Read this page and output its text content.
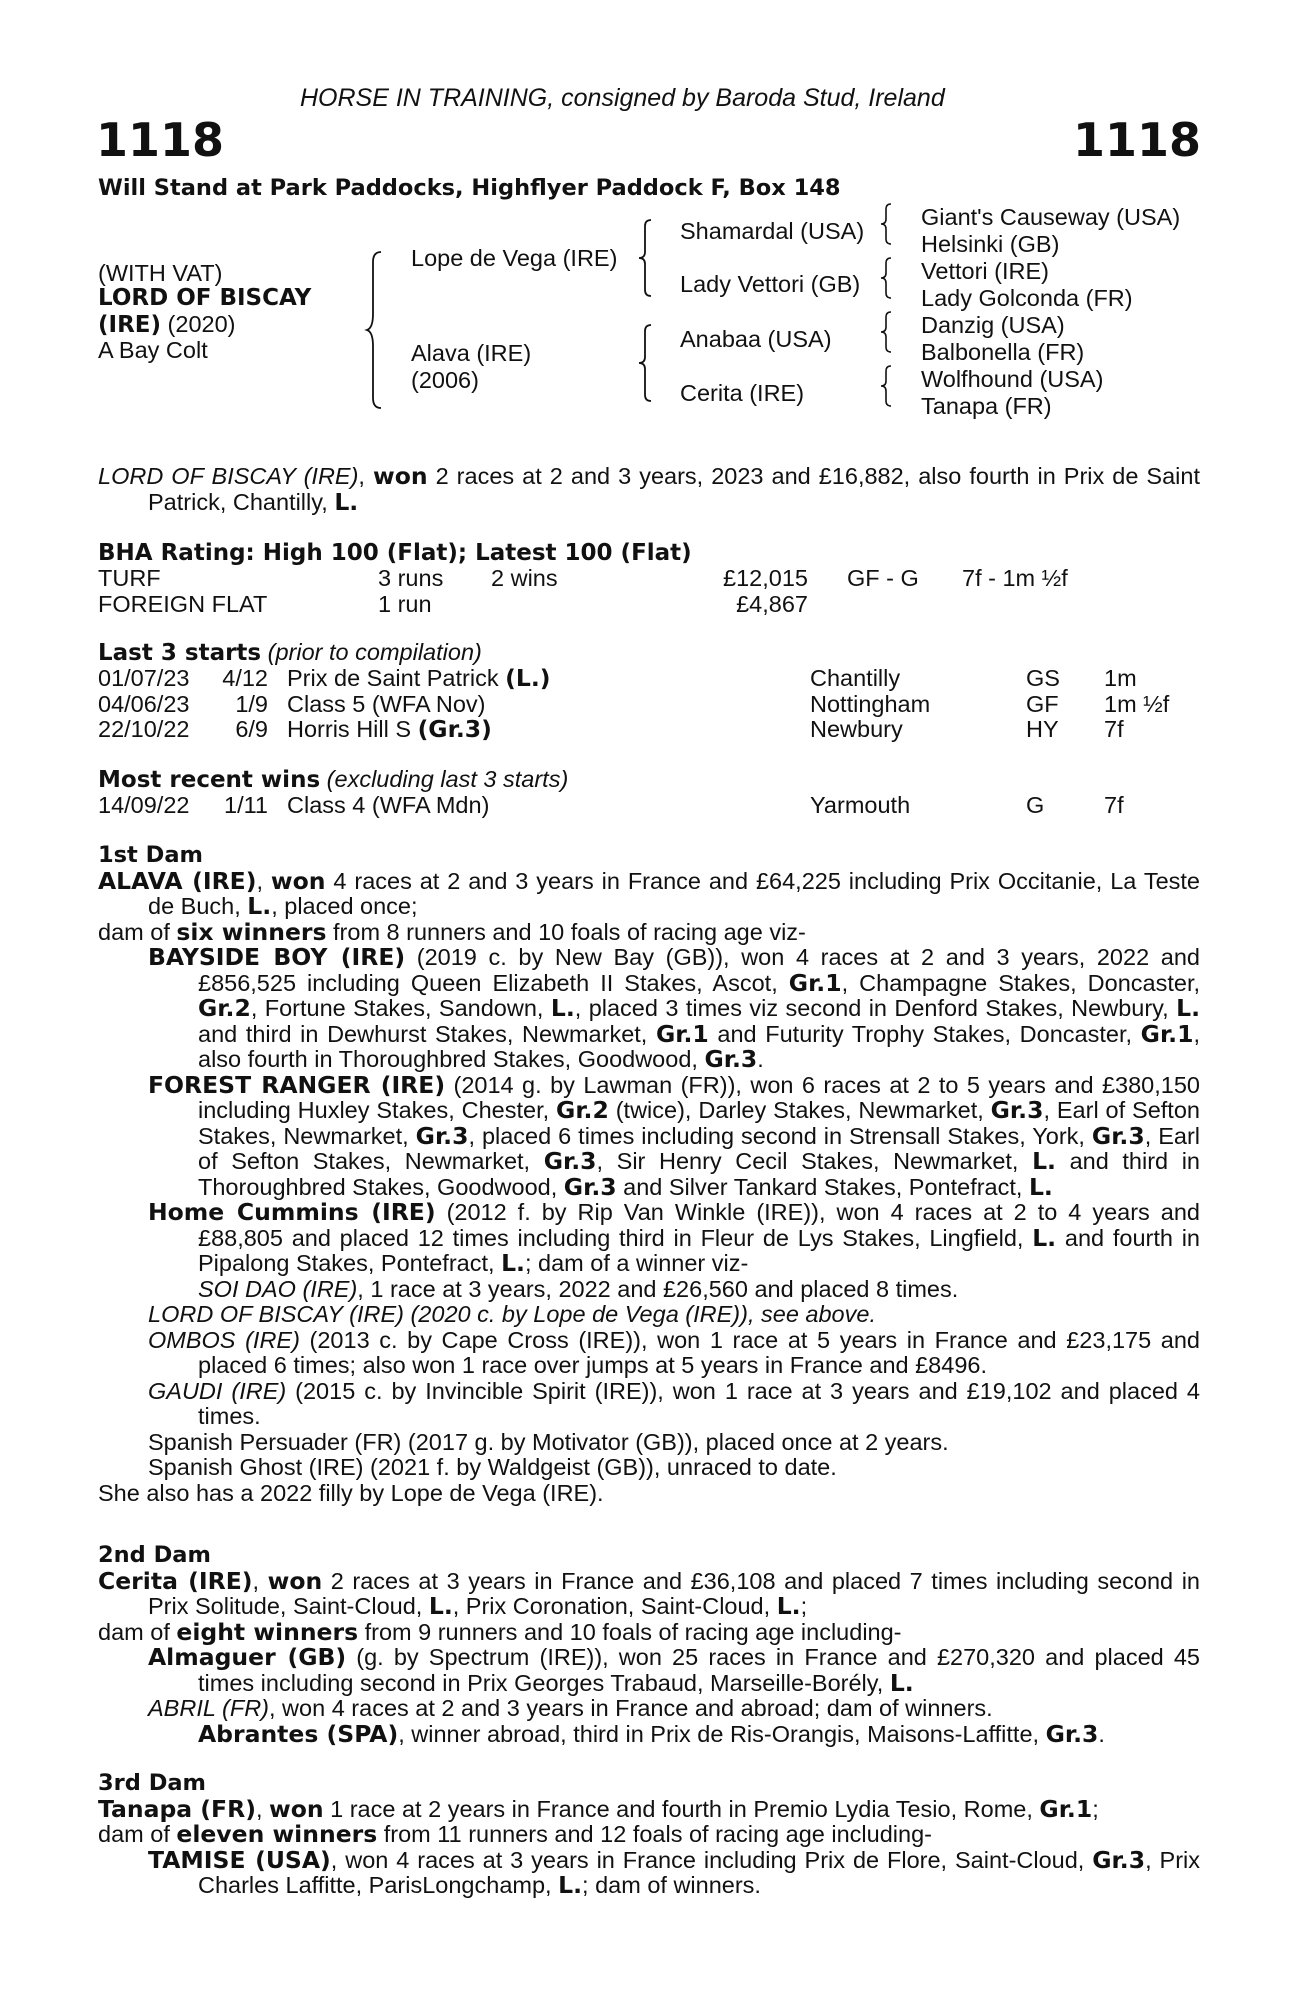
HORSE IN TRAINING, consigned by Baroda Stud, Ireland
1118	1118
Will Stand at Park Paddocks, Highflyer Paddock F, Box 148
(WITH VAT)
LORD OF BISCAY
(IRE) (2020)
A Bay Colt
Lope de Vega (IRE)
Alava (IRE)
(2006)
Shamardal (USA)
Lady Vettori (GB)
Anabaa (USA)
Cerita (IRE)
Giant's Causeway (USA)
Helsinki (GB)
Vettori (IRE)
Lady Golconda (FR)
Danzig (USA)
Balbonella (FR)
Wolfhound (USA)
Tanapa (FR)

LORD OF BISCAY (IRE), won 2 races at 2 and 3 years, 2023 and £16,882, also fourth in Prix de Saint Patrick, Chantilly, L.

BHA Rating: High 100 (Flat); Latest 100 (Flat)
TURF	3 runs 2 wins	£12,015 GF - G 7f - 1m ½f
FOREIGN FLAT	1 run	£4,867
Last 3 starts (prior to compilation)
01/07/23 4/12 Prix de Saint Patrick (L.)	Chantilly	GS 1m
04/06/23 1/9 Class 5 (WFA Nov)	Nottingham	GF 1m ½f
22/10/22 6/9 Horris Hill S (Gr.3)	Newbury	HY 7f
Most recent wins (excluding last 3 starts)
14/09/22 1/11 Class 4 (WFA Mdn)	Yarmouth	G	7f

1st Dam

ALAVA (IRE), won 4 races at 2 and 3 years in France and £64,225 including Prix Occitanie, La Teste de Buch, L., placed once;

dam of six winners from 8 runners and 10 foals of racing age viz-

BAYSIDE BOY (IRE) (2019 c. by New Bay (GB)), won 4 races at 2 and 3 years, 2022 and £856,525 including Queen Elizabeth II Stakes, Ascot, Gr.1, Champagne Stakes, Doncaster, Gr.2, Fortune Stakes, Sandown, L., placed 3 times viz second in Denford Stakes, Newbury, L. and third in Dewhurst Stakes, Newmarket, Gr.1 and Futurity Trophy Stakes, Doncaster, Gr.1, also fourth in Thoroughbred Stakes, Goodwood, Gr.3.

FOREST RANGER (IRE) (2014 g. by Lawman (FR)), won 6 races at 2 to 5 years and £380,150 including Huxley Stakes, Chester, Gr.2 (twice), Darley Stakes, Newmarket, Gr.3, Earl of Sefton Stakes, Newmarket, Gr.3, placed 6 times including second in Strensall Stakes, York, Gr.3, Earl of Sefton Stakes, Newmarket, Gr.3, Sir Henry Cecil Stakes, Newmarket, L. and third in Thoroughbred Stakes, Goodwood, Gr.3 and Silver Tankard Stakes, Pontefract, L.

Home Cummins (IRE) (2012 f. by Rip Van Winkle (IRE)), won 4 races at 2 to 4 years and £88,805 and placed 12 times including third in Fleur de Lys Stakes, Lingfield, L. and fourth in Pipalong Stakes, Pontefract, L.; dam of a winner viz-

SOI DAO (IRE), 1 race at 3 years, 2022 and £26,560 and placed 8 times.

LORD OF BISCAY (IRE) (2020 c. by Lope de Vega (IRE)), see above.

OMBOS (IRE) (2013 c. by Cape Cross (IRE)), won 1 race at 5 years in France and £23,175 and placed 6 times; also won 1 race over jumps at 5 years in France and £8496.

GAUDI (IRE) (2015 c. by Invincible Spirit (IRE)), won 1 race at 3 years and £19,102 and placed 4 times.

Spanish Persuader (FR) (2017 g. by Motivator (GB)), placed once at 2 years.

Spanish Ghost (IRE) (2021 f. by Waldgeist (GB)), unraced to date.

She also has a 2022 filly by Lope de Vega (IRE).

2nd Dam

Cerita (IRE), won 2 races at 3 years in France and £36,108 and placed 7 times including second in Prix Solitude, Saint-Cloud, L., Prix Coronation, Saint-Cloud, L.;

dam of eight winners from 9 runners and 10 foals of racing age including-

Almaguer (GB) (g. by Spectrum (IRE)), won 25 races in France and £270,320 and placed 45 times including second in Prix Georges Trabaud, Marseille-Borély, L.

ABRIL (FR), won 4 races at 2 and 3 years in France and abroad; dam of winners.

Abrantes (SPA), winner abroad, third in Prix de Ris-Orangis, Maisons-Laffitte, Gr.3.

3rd Dam

Tanapa (FR), won 1 race at 2 years in France and fourth in Premio Lydia Tesio, Rome, Gr.1;

dam of eleven winners from 11 runners and 12 foals of racing age including-

TAMISE (USA), won 4 races at 3 years in France including Prix de Flore, Saint-Cloud, Gr.3, Prix Charles Laffitte, ParisLongchamp, L.; dam of winners.
